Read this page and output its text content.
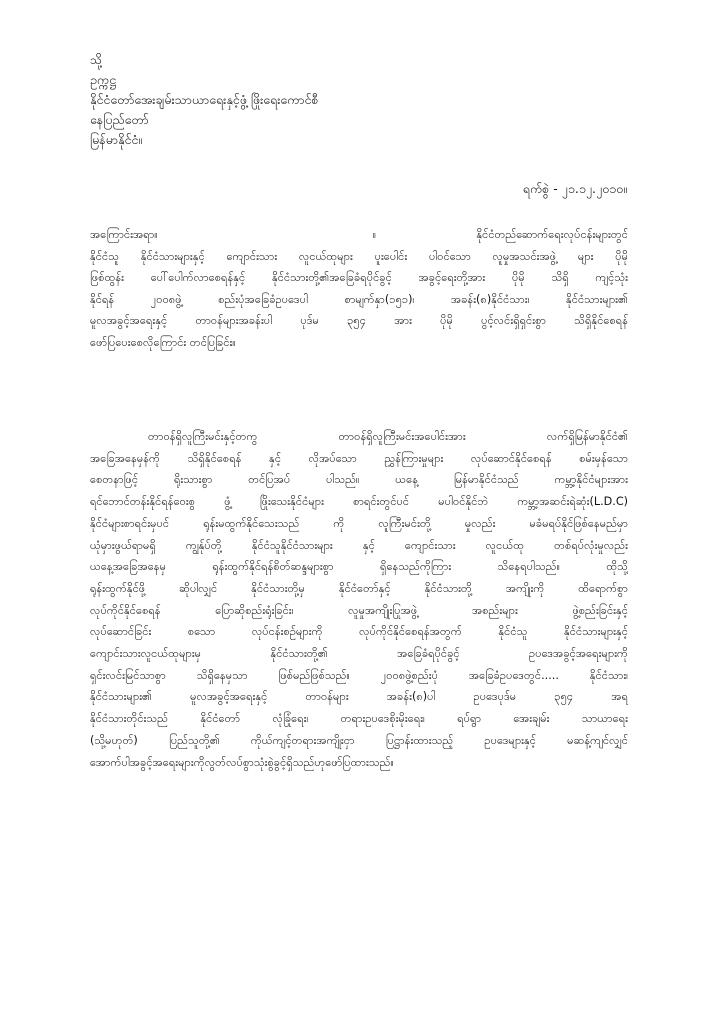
သို့
ဥက္ကဋ္ဌ
နိုင်ငံတော်အေးချမ်းသာယာရေးနှင့်ဖွံ့ ဖြိုးရေးကောင်စီ
နေပြည်တော်
မြန်မာနိုင်ငံ။
ရက်စွဲ - ၂၁.၁၂.၂၀၁၀။
အကြောင်းအရာ။	။	နိုင်ငံတည်ဆောက်ရေးလုပ်ငန်းများတွင်
နိုင်ငံသူ နိုင်ငံသားများနှင့် ကျောင်းသား လူငယ်ထုများ ပူးပေါင်း ပါဝင်သော လူမှုအသင်းအဖွဲ့ များ ပိုမို
ဖြစ်ထွန်း ပေါ်ပေါက်လာစေရန်နှင့် နိုင်ငံသားတို့၏အခြေခံရပိုင်ခွင့် အခွင့်ရေးတို့အား ပိုမို သိရှိ ကျင့်သုံး
နိုင်ရန် ၂၀၀၈ဖွဲ့ စည်းပုံအခြေခံဥပဒေပါ စာမျက်နှာ(၁၅၁)၊ အခန်း(၈)နိုင်ငံသား၊ နိုင်ငံသားများ၏
မူလအခွင့်အရေးနှင့် တာဝန်များအခန်းပါ ပုဒ်မ ၃၅၄ အား ပိုမို ပွင့်လင်းရှိရှင်းစွာ သိရှိနိုင်စေရန်
ဖော်ပြပေးစေလိုကြောင်း တင်ပြခြင်း။
တာဝန်ရှိလူကြီးမင်းနှင့်တကွ တာဝန်ရှိလူကြီးမင်းအပေါင်းအား လက်ရှိမြန်မာနိုင်ငံ၏
အခြေအနေမှန်ကို သိရှိနိုင်စေရန် နှင့် လိုအပ်သော ညွှန်ကြားမှုများ လုပ်ဆောင်နိုင်စေရန် စမ်းမှန်သော
စေတနာဖြင့် ရိုးသားစွာ တင်ပြအပ် ပါသည်။ ယနေ့ မြန်မာနိုင်ငံသည် ကမ္ဘာ့နိုင်ငံများအား
ရင်ဘောင်တန်းနိုင်ရန်ဝေးစွ ဖွံ့ ဖြိုးသေးနိုင်ငံများ စာရင်းတွင်ပင် မပါဝင်နိုင်ဘဲ ကမ္ဘာ့အဆင်းရဲဆုံး(L.D.C)
နိုင်ငံများစာရင်းမှပင် ရုန်းမထွက်နိုင်သေးသည် ကို လူကြီးမင်းတို့ မှုလည်း မခံမရပ်နိုင်ဖြစ်နေမည်မှာ
ယုံမှားဖွယ်ရာမရှိ ကျွန်ုပ်တို့ နိုင်ငံသူနိုင်ငံသားများ နှင့် ကျောင်းသား လူငယ်ထု တစ်ရပ်လုံးမှုလည်း
ယနေ့အခြေအနေမှ ရုန်းထွက်နိုင်ရန်စိတ်ဆန္ဒများစွာ ရှိနေသည်ကိုကြား သိနေရပါသည်။ ထိုသို့
ရုန်းထွက်နိုင်ဖို့ ဆိုပါလျှင် နိုင်ငံသားတို့မှ နိုင်ငံတော်နှင့် နိုင်ငံသားတို့ အကျိုးကို ထိရောက်စွာ
လုပ်ကိုင်နိုင်စေရန် ပြောဆိုစည်းရုံးခြင်း၊ လူမှုအကျိုးပြုအဖွဲ့ အစည်းများ ဖွဲ့စည်းခြင်းနှင့်
လုပ်ဆောင်ခြင်း စသော လုပ်ငန်းစဉ်များကို လုပ်ကိုင်နိုင်စေရန်အတွက် နိုင်ငံသူ နိုင်ငံသားများနှင့်
ကျောင်းသားလူငယ်ထုများမှ နိုင်ငံသားတို့၏ အခြေခံရပိုင်ခွင့် ဥပဒေအခွင့်အရေးများကို
ရှင်းလင်းမြင်သာစွာ သိရှိနေမှသာ ဖြစ်မည်ဖြစ်သည်။ ၂၀၀၈ဖွဲ့စည်းပုံ အခြေခံဥပဒေတွင်..... နိုင်ငံသား၊
နိုင်ငံသားများ၏ မူလအခွင့်အရေးနှင့် တာဝန်များ အခန်း(၈)ပါ ဥပဒေပုဒ်မ ၃၅၄ အရ
နိုင်ငံသားတိုင်းသည် နိုင်ငံတော် လုံခြုံရေး၊ တရားဥပဒေစိုးမိုးရေး၊ ရပ်ရွာ အေးချမ်း သာယာရေး
(သို့မဟုတ်) ပြည်သူတို့၏ ကိုယ်ကျင့်တရားအကျိုးငှာ ပြဋ္ဌာန်းထားသည့် ဥပဒေများနှင့် မဆန့်ကျင်လျှင်
အောက်ပါအခွင့်အရေးများကိုလွတ်လပ်စွာသုံးစွဲခွင့်ရှိသည်ဟုဖော်ပြထားသည်။
